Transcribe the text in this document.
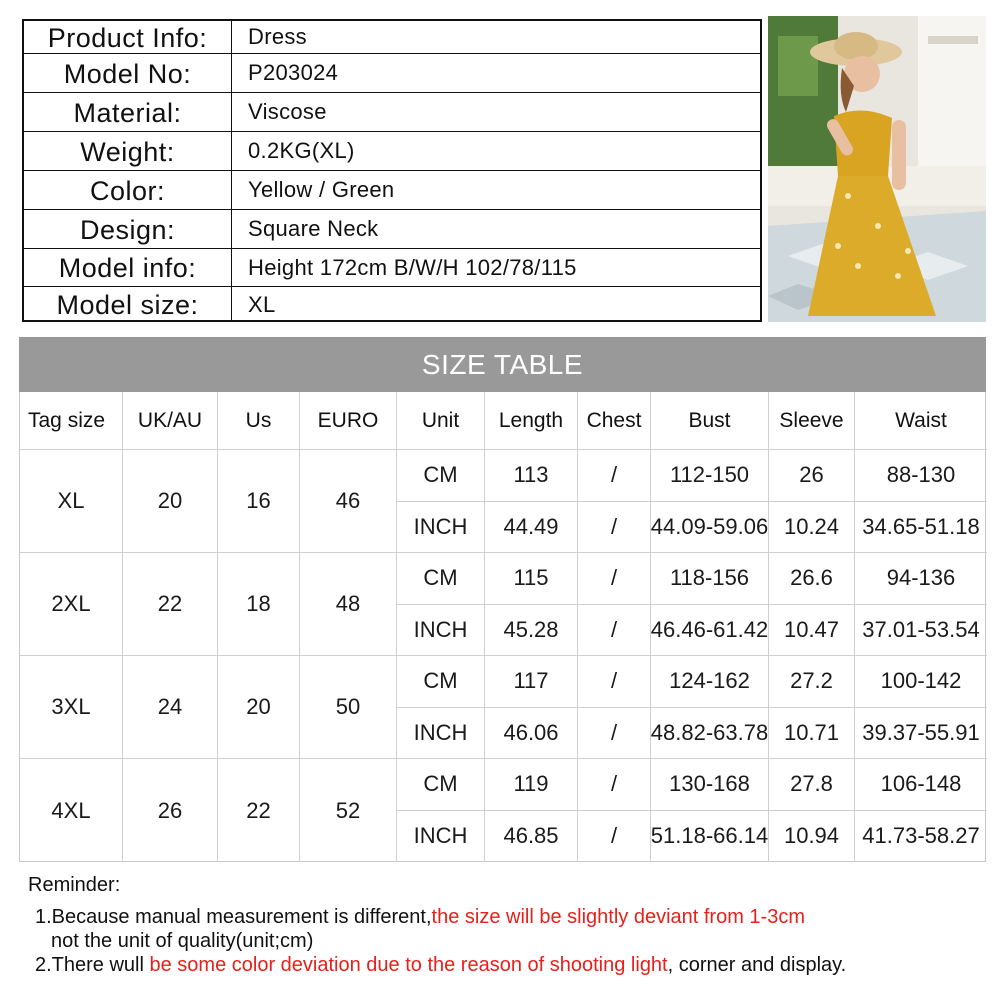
Product Info:	Dress
Model No:	P203024
Material:	Viscose
Weight:	0.2KG(XL)
Color:	Yellow / Green
Design:	Square Neck
Model info:	Height 172cm B/W/H 102/78/115
Model size:	XL
SIZE TABLE
Tag size	UK/AU	Us	EURO	Unit	Length	Chest	Bust	Sleeve	Waist
XL	20	16	46
CM	113	/	112-150	26	88-130
INCH	44.49	/	44.09-59.06 10.24	34.65-51.18
2XL	22	18	48
CM	115	/	118-156	26.6	94-136
INCH	45.28	/	46.46-61.42 10.47	37.01-53.54
3XL	24	20	50
CM	117	/	124-162	27.2	100-142
INCH	46.06	/	48.82-63.78 10.71	39.37-55.91
4XL	26	22	52
CM	119	/	130-168	27.8	106-148
INCH	46.85	/	51.18-66.14 10.94	41.73-58.27
Reminder:
1.Because manual measurement is different,the size will be slightly deviant from 1-3cm
not the unit of quality(unit;cm)
2.There wull be some color deviation due to the reason of shooting light, corner and display.
